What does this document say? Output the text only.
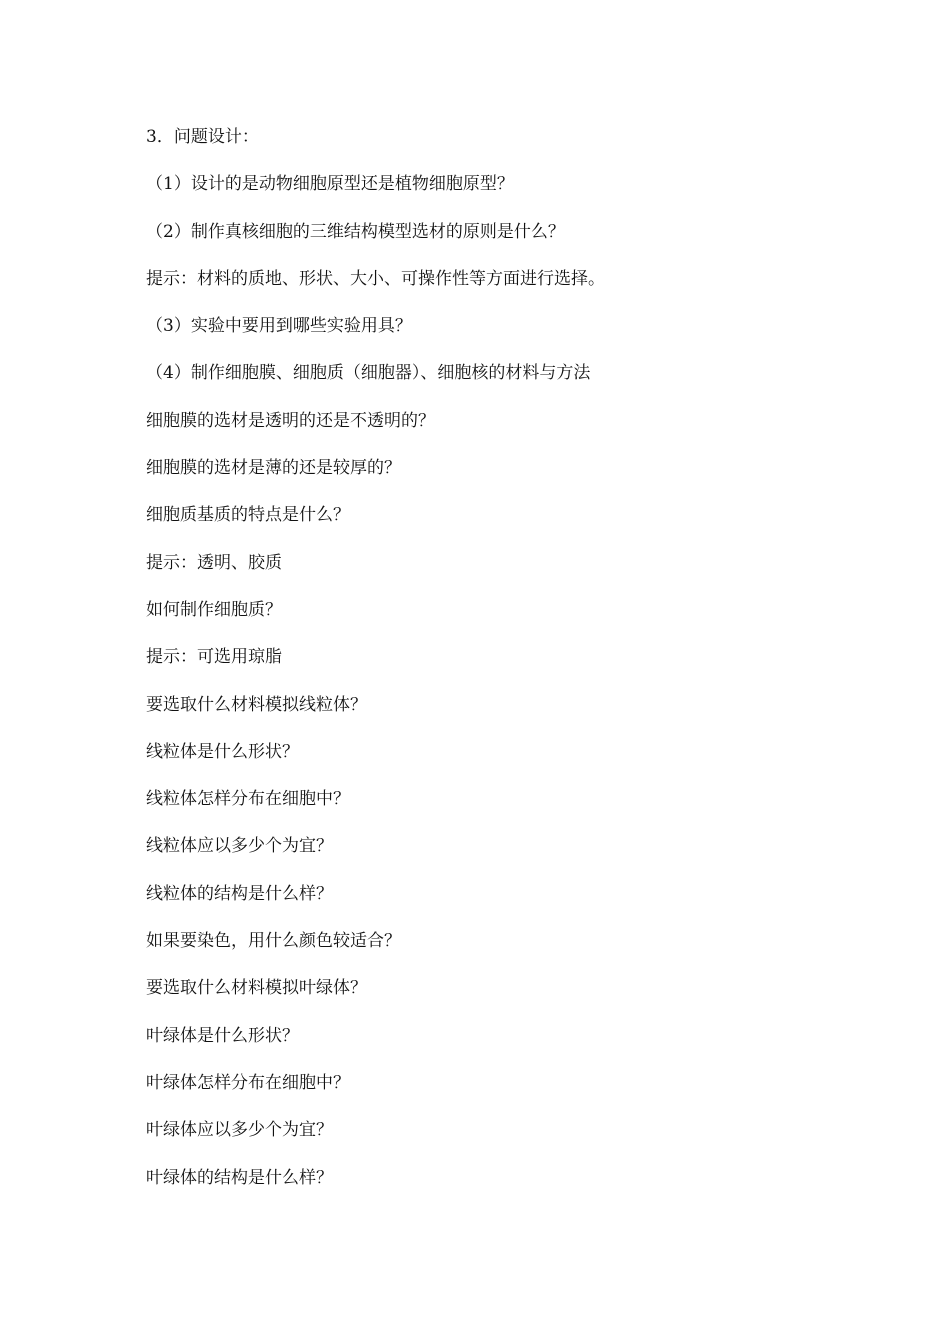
3．问题设计：
（1）设计的是动物细胞原型还是植物细胞原型？
（2）制作真核细胞的三维结构模型选材的原则是什么？
提示：材料的质地、形状、大小、可操作性等方面进行选择。
（3）实验中要用到哪些实验用具？
（4）制作细胞膜、细胞质（细胞器）、细胞核的材料与方法
细胞膜的选材是透明的还是不透明的？
细胞膜的选材是薄的还是较厚的？
细胞质基质的特点是什么？
提示：透明、胶质
如何制作细胞质？
提示：可选用琼脂
要选取什么材料模拟线粒体？
线粒体是什么形状？
线粒体怎样分布在细胞中？
线粒体应以多少个为宜？
线粒体的结构是什么样？
如果要染色，用什么颜色较适合？
要选取什么材料模拟叶绿体？
叶绿体是什么形状？
叶绿体怎样分布在细胞中？
叶绿体应以多少个为宜？
叶绿体的结构是什么样？
